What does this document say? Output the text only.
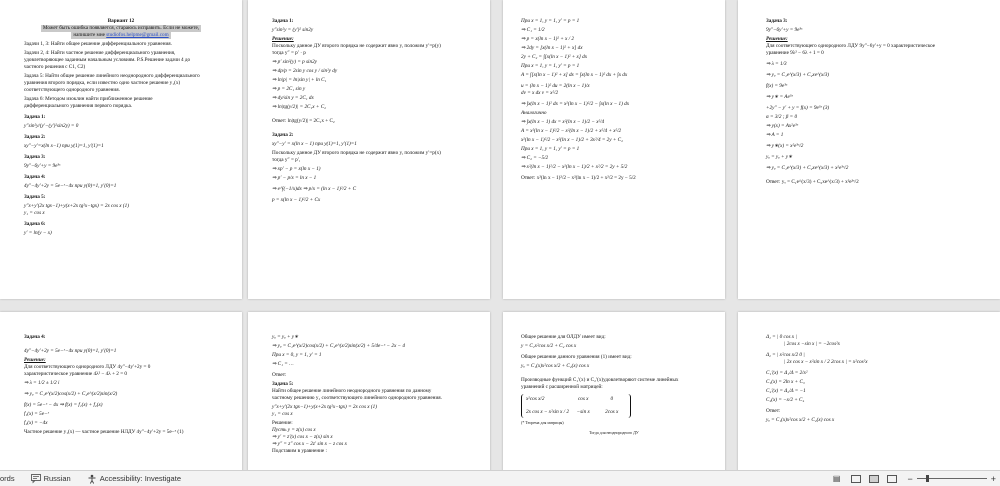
Вариант 12
Может быть ошибка появляется, стараюсь исправить. Если не можете,
напишите мне studiofos.helpme@gmail.com
Задачи 1, 3: Найти общее решение дифференциального уравнения.
Задачи 2, 4: Найти частное решение дифференциального уравнения,
удовлетворяющее заданным начальным условиям. P.S.Решение задачи 4 до
частного решения с C1, C2)
Задача 5: Найти общее решение линейного неоднородного дифференциального
уравнения второго порядка, если известно одно частное решение y₁(x)
соответствующего однородного уравнения.
Задача 6: Методом изоклин найти приближенное решение
дифференциального уравнения первого порядка.
Задача 1:
y″sin²y/(y′−(y′)²sin2y) = 0
Задача 2:
xy″−y′=x(ln x−1) при y(1)=1, y′(1)=1
Задача 3:
9y″−6y′+y = 9e³ˣ
Задача 4:
4y″−4y′+2y = 5e−ˣ−4x при y(0)=1, y′(0)=1
Задача 5:
y″x+y′(2x tgx−1)+y(x+2x tg²x−tgx) = 2x cos x (1)
y₁ = cos x
Задача 6:
y′ = ln(y − x)
Задача 1:
y″sin²y = (y′)² sin2y
Решение:
Поскольку данное ДУ второго порядка не содержит явно y, положим y′=p(y)
тогда y″ = p′ · p
⇒ p′ sin²(y) = p sin2y
⇒ dp/p = 2sin y cos y / sin²y dy
⇒ ln|p| = ln|sin y| + ln C₁
⇒ p = 2C₁ sin y
⇒ dy/sin y = 2C₁ dx
⇒ ln|tg(y/2)| = 2C₁x + C₂
Ответ: ln|tg(y/2)| = 2C₁x + C₂
Задача 2:
xy″−y′ = x(ln x − 1) при y(1)=1, y′(1)=1
Поскольку данное ДУ второго порядка не содержит явно y, положим y′=p(x)
тогда y″ = p′,
⇒ xp′ − p = x(ln x − 1)
⇒ p′ − p/x = ln x − 1
⇒ e^∫(−1/x)dx ⇒ p/x = (ln x − 1)²/2 + C
p = x(ln x − 1)²/2 + Cx
При x = 1, y = 1, y′ = p = 1
⇒ C₁ = 1/2
⇒ p = x(ln x − 1)² + x / 2
⇒ 2dy = [x(ln x − 1)² + x] dx
2y + C₂ = ∫[x(ln x − 1)² + x] dx
При x = 1, y = 1, y′ = p = 1
A = ∫[x(ln x − 1)² + x] dx = ∫x(ln x − 1)² dx + ∫x dx
u = (ln x − 1)² du = 2(ln x − 1)/x
dv = x dx v = x²/2
⇒ ∫x(ln x − 1)² dx = x²(ln x − 1)²/2 − ∫x(ln x − 1) dx
Аналогично
⇒ ∫x(ln x − 1) dx = x²(ln x − 1)/2 − x²/4
A = x²(ln x − 1)²/2 − x²(ln x − 1)/2 + x²/4 + x²/2
x²(ln x − 1)²/2 − x²(ln x − 1)/2 + 3x²/4 = 2y + C₂
При x = 1, y = 1, y′ = p = 1
⇒ C₂ = −5/2
⇒ x²(ln x − 1)²/2 − x²(ln x − 1)/2 + x²/2 = 2y + 5/2
Ответ: x²(ln x − 1)²/2 − x²(ln x − 1)/2 + x²/2 = 2y − 5/2
Задача 3:
9y″−6y′+y = 9e³ˣ
Решение:
Для соответствующего однородного ЛДУ 9y″−6y′+y = 0 характеристическое
уравнение 9λ² − 6λ + 1 = 0
⇒ λ = 1/3
⇒ yₒ = C₁e^(x/3) + C₂xe^(x/3)
f(x) = 9e³ˣ
⇒ y∗ = Ae³ˣ
+2y″ − y′ + y = f(x) = 9e³ˣ (3)
α = 3/2 ; β = 0
⇒ y(x) = Ax²e³ˣ
⇒ A = 1
⇒ y∗(x) = x²e³ˣ/2
yₒ = yₒ + y∗
⇒ yₒ = C₁e^(x/3) + C₂xe^(x/3) + x²e³ˣ/2
Ответ: yₒ = C₁e^(x/3) + C₂xe^(x/3) + x²e³ˣ/2
Задача 4:
4y″−4y′+2y = 5e−ˣ−4x при y(0)=1, y′(0)=1
Решение:
Для соответствующего однородного ЛДУ 4y″−4y′+2y = 0
характеристическое уравнение 4λ² − 4λ + 2 = 0
⇒ λ = 1/2 ± 1/2 i
⇒ yₒ = C₁e^(x/2)cos(x/2) + C₂e^(x/2)sin(x/2)
f(x) = 5e−ˣ − 4x ⇒ f(x) = f₁(x) + f₂(x)
f₁(x) = 5e−ˣ
f₂(x) = −4x
Частное решение y₁(x) — частное решение НЛДУ 4y″−4y′+2y = 5e−ˣ (1)
yₒ = yₒ + y∗
⇒ yₒ = C₁e^(x/2)cos(x/2) + C₂e^(x/2)sin(x/2) + 5/4e−ˣ − 2x − 4
При x = 0, y = 1, y′ = 1
⇒ C₁ = …
Ответ:
Задача 5:
Найти общее решение линейного неоднородного уравнения по данному
частному решению y₁ соответствующего линейного однородного уравнения.
y″x+y′(2x tgx−1)+y(x+2x tg²x−tgx) = 2x cos x (1)
y₁ = cos x
Решение:
Пусть y = z(x) cos x
⇒ y′ = z′(x) cos x − z(x) sin x
⇒ y″ = z″ cos x − 2z′ sin x − z cos x
Подставим в уравнение :
Общее решение для ОЛДУ имеет вид:
y = C₁x²cos x/2 + C₂ cos x
Общее решение данного уравнения (1) имеет вид:
yₒ = C₁(x)x²cos x/2 + C₂(x) cos x
Производные функций C₁′(x) и C₂′(x)удовлетворяют системе линейных
уравнений с расширенной матрицей:
x²cos x/2	cos x	0
2x cos x − x²sin x / 2	−sin x	2cos x
(* Теорема для матрицы)
Тогда для неоднородного ДУ
Δ₁ = | 0 cos x |
| 2cos x −sin x | = −2cos²x
Δ₂ = | x²cos x/2 0 |
| 2x cos x − x²sin x / 2 2cos x | = x²cos²x
C₁′(x) = Δ₁/Δ = 2/x²
C₁(x) = 2ln x + C₃
C₂′(x) = Δ₂/Δ = −1
C₂(x) = −x/2 + C₄
Ответ:
yₒ = C₁(x)x²cos x/2 + C₂(x) cos x
ords	Russian	Accessibility: Investigate	▤	−	+
